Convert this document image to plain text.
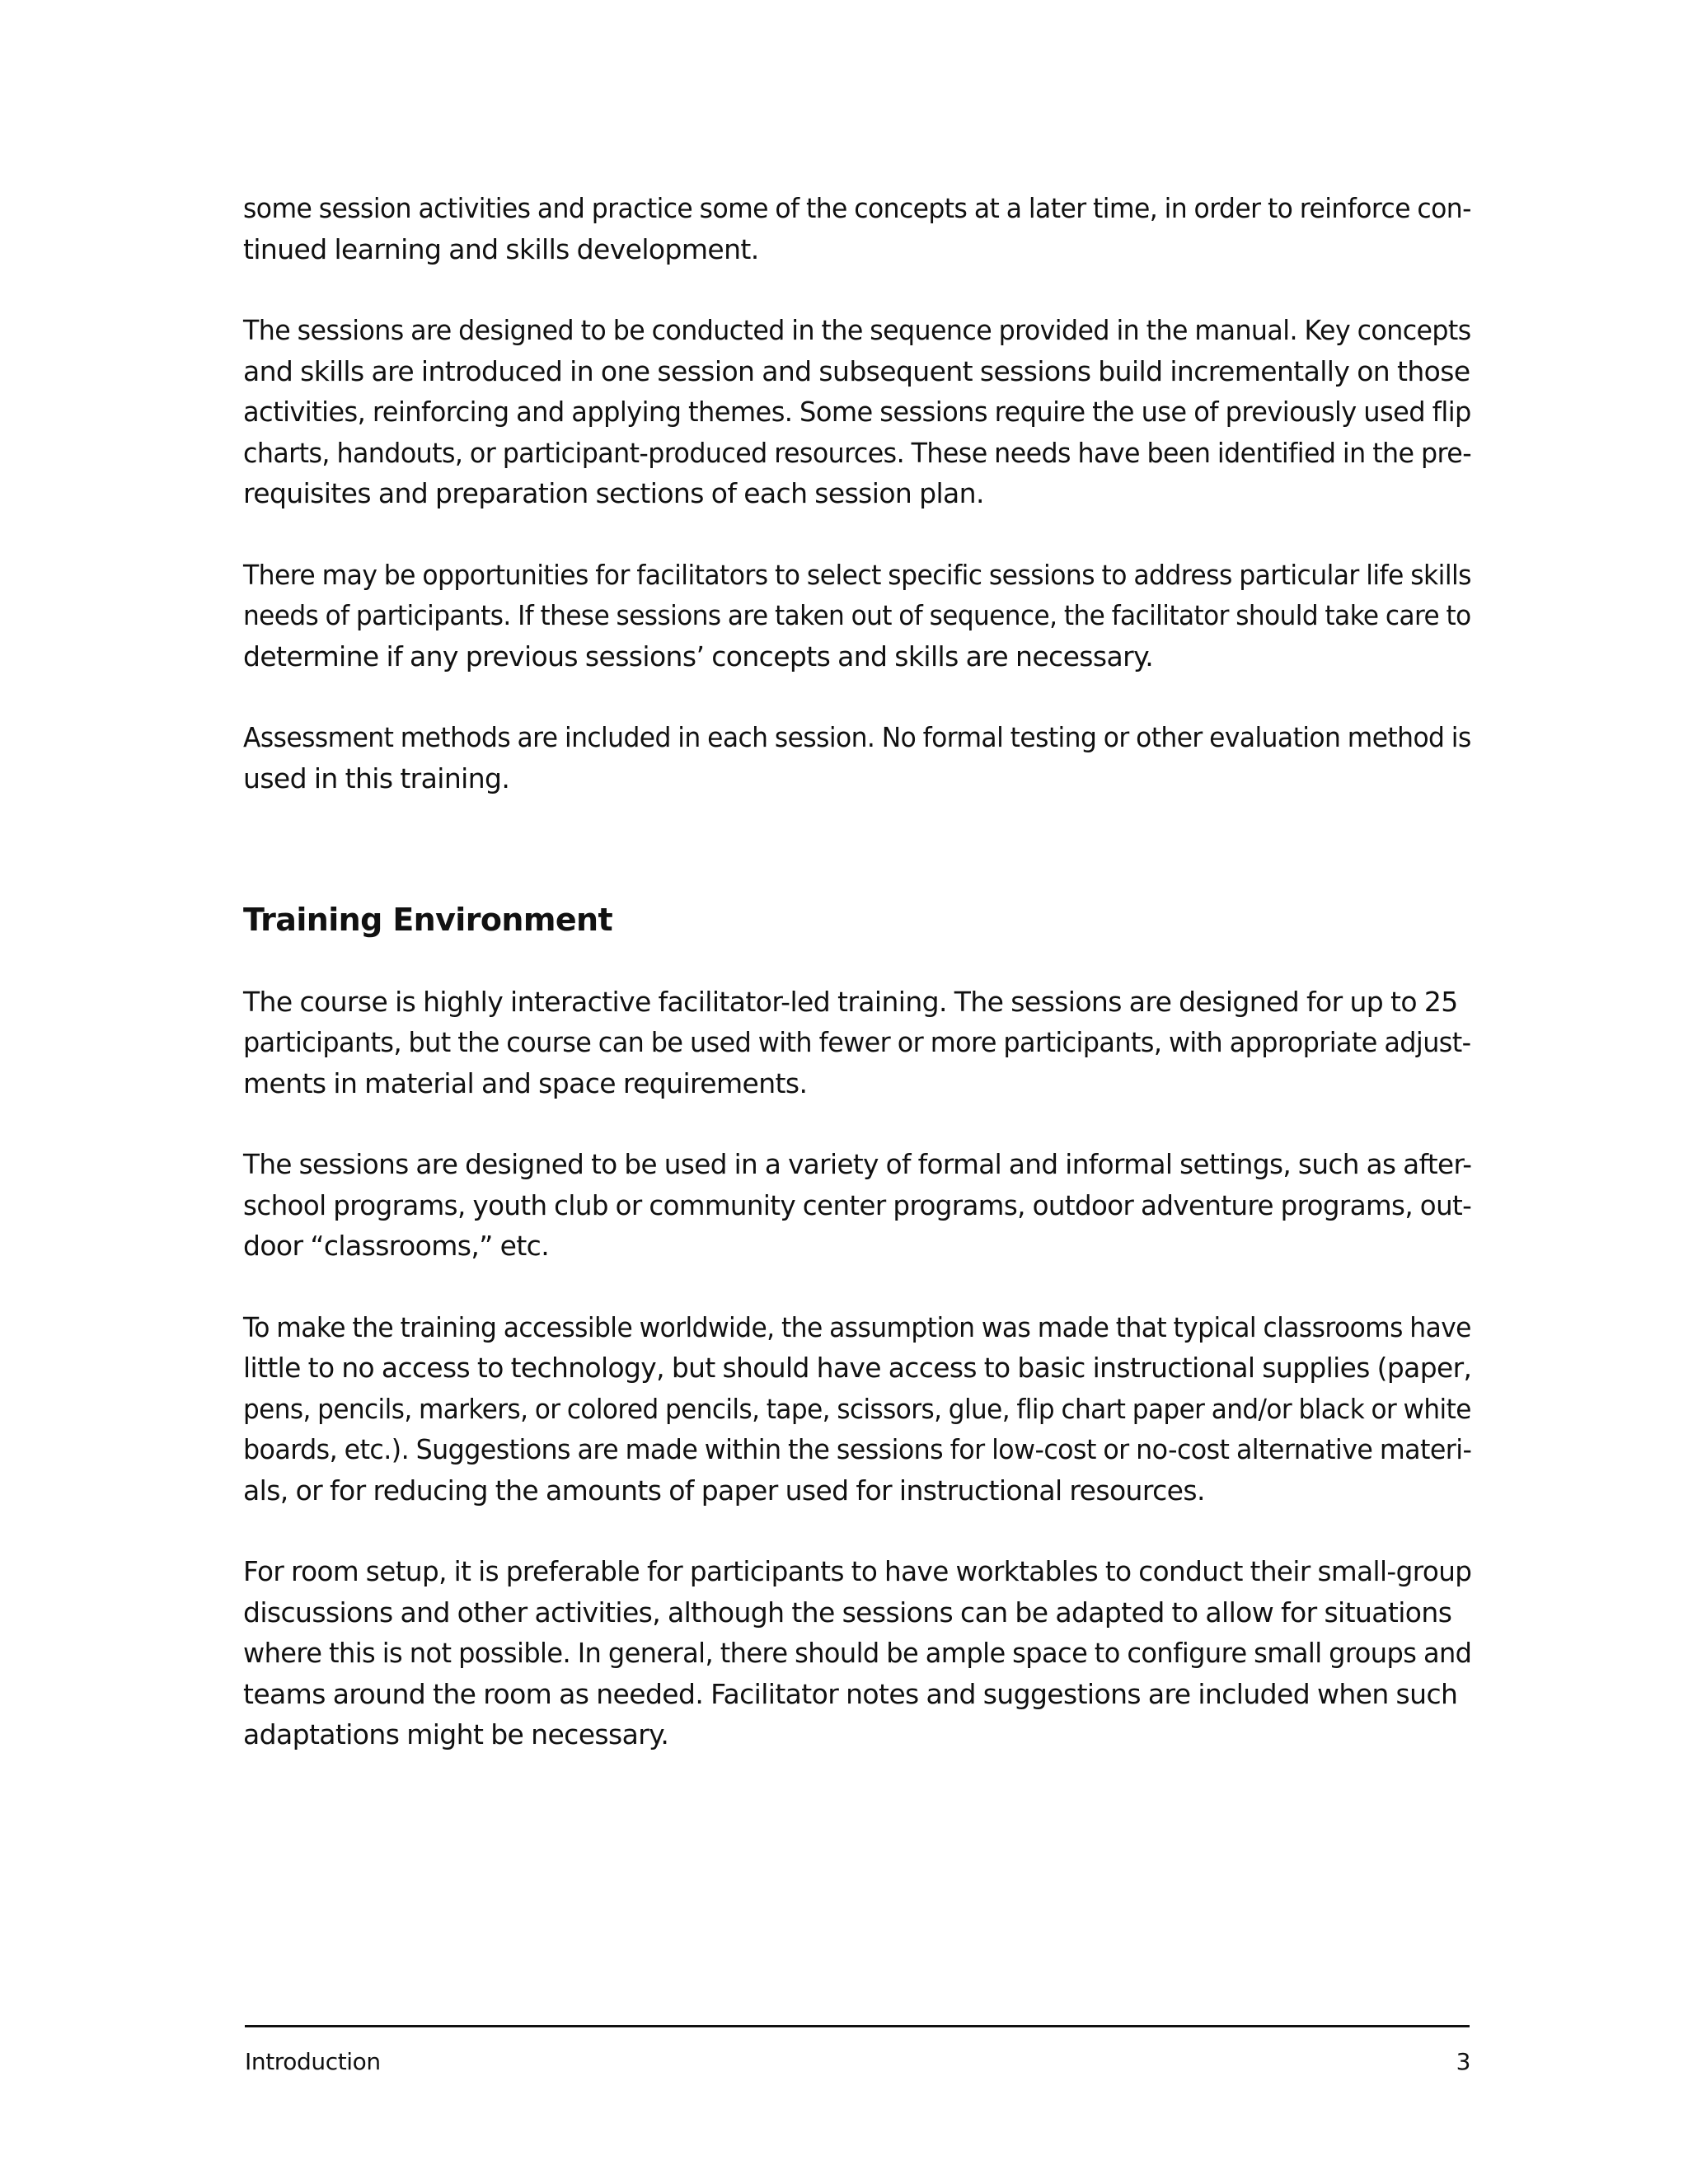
some session activities and practice some of the concepts at a later time, in order to reinforce con-
tinued learning and skills development.

The sessions are designed to be conducted in the sequence provided in the manual. Key concepts
and skills are introduced in one session and subsequent sessions build incrementally on those
activities, reinforcing and applying themes. Some sessions require the use of previously used flip
charts, handouts, or participant-produced resources. These needs have been identified in the pre-
requisites and preparation sections of each session plan.

There may be opportunities for facilitators to select specific sessions to address particular life skills
needs of participants. If these sessions are taken out of sequence, the facilitator should take care to
determine if any previous sessions’ concepts and skills are necessary.

Assessment methods are included in each session. No formal testing or other evaluation method is
used in this training.

Training Environment

The course is highly interactive facilitator-led training. The sessions are designed for up to 25
participants, but the course can be used with fewer or more participants, with appropriate adjust-
ments in material and space requirements.

The sessions are designed to be used in a variety of formal and informal settings, such as after-
school programs, youth club or community center programs, outdoor adventure programs, out-
door “classrooms,” etc.

To make the training accessible worldwide, the assumption was made that typical classrooms have
little to no access to technology, but should have access to basic instructional supplies (paper,
pens, pencils, markers, or colored pencils, tape, scissors, glue, flip chart paper and/or black or white
boards, etc.). Suggestions are made within the sessions for low-cost or no-cost alternative materi-
als, or for reducing the amounts of paper used for instructional resources.

For room setup, it is preferable for participants to have worktables to conduct their small-group
discussions and other activities, although the sessions can be adapted to allow for situations
where this is not possible. In general, there should be ample space to configure small groups and
teams around the room as needed. Facilitator notes and suggestions are included when such
adaptations might be necessary.

Introduction	3
